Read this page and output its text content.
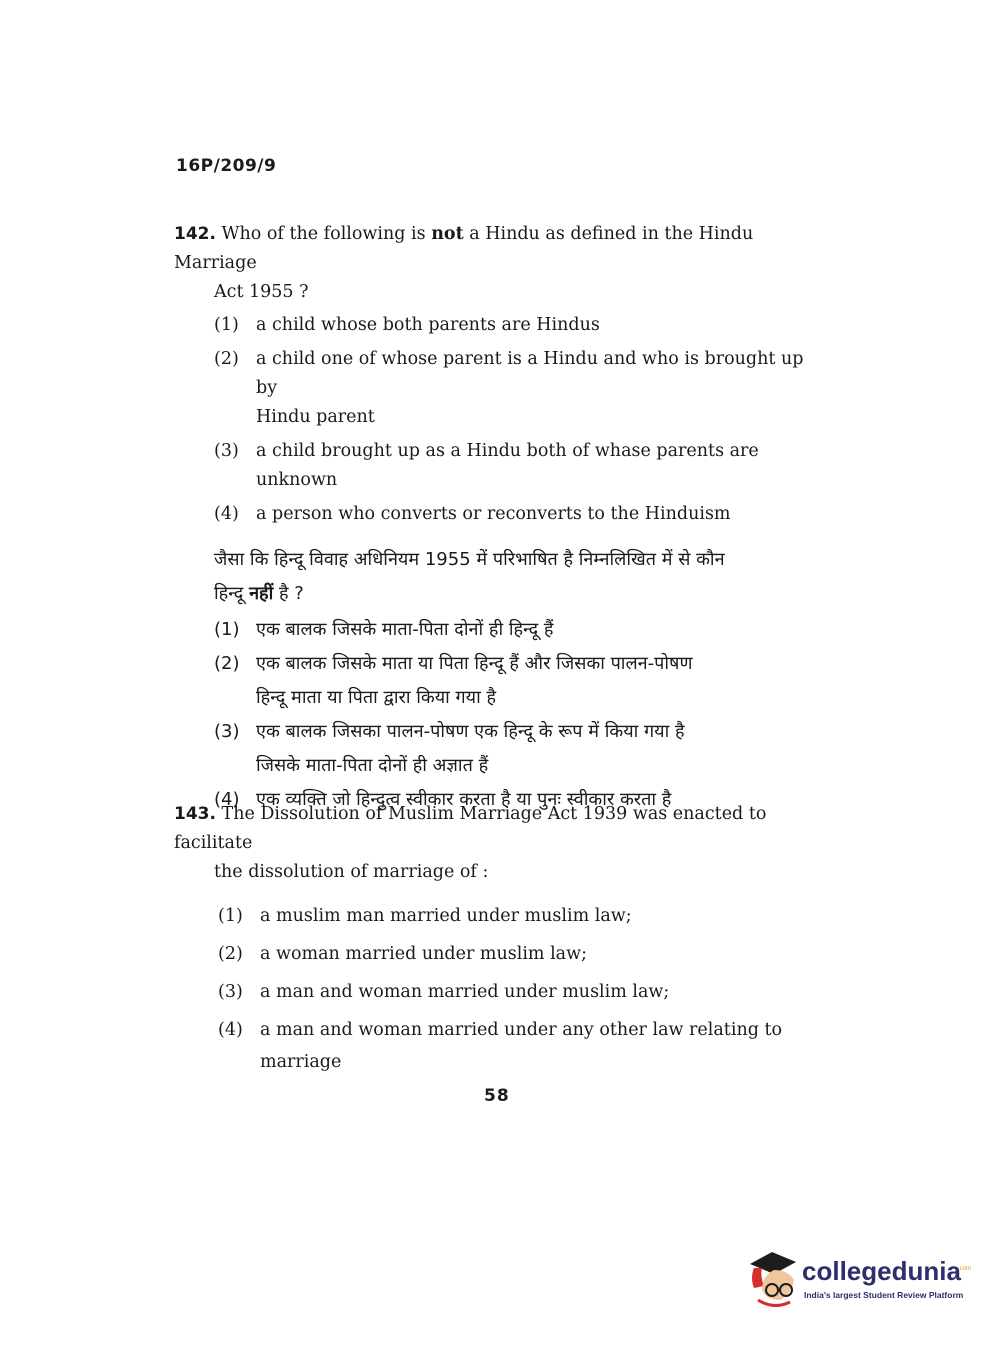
16P/209/9

142. Who of the following is not a Hindu as defined in the Hindu Marriage

Act 1955 ?

(1) a child whose both parents are Hindus
(2) a child one of whose parent is a Hindu and who is brought up by
Hindu parent
(3) a child brought up as a Hindu both of whase parents are
unknown
(4) a person who converts or reconverts to the Hinduism

जैसा कि हिन्दू विवाह अधिनियम 1955 में परिभाषित है निम्नलिखित में से कौन

हिन्दू नहीं है ?

(1) एक बालक जिसके माता-पिता दोनों ही हिन्दू हैं
(2) एक बालक जिसके माता या पिता हिन्दू हैं और जिसका पालन-पोषण
हिन्दू माता या पिता द्वारा किया गया है
(3) एक बालक जिसका पालन-पोषण एक हिन्दू के रूप में किया गया है
जिसके माता-पिता दोनों ही अज्ञात हैं
(4) एक व्यक्ति जो हिन्दुत्व स्वीकार करता है या पुनः स्वीकार करता है

143. The Dissolution of Muslim Marriage Act 1939 was enacted to facilitate

the dissolution of marriage of :

(1) a muslim man married under muslim law;
(2) a woman married under muslim law;
(3) a man and woman married under muslim law;
(4) a man and woman married under any other law relating to
marriage
58
collegedunia
.com
India's largest Student Review Platform
